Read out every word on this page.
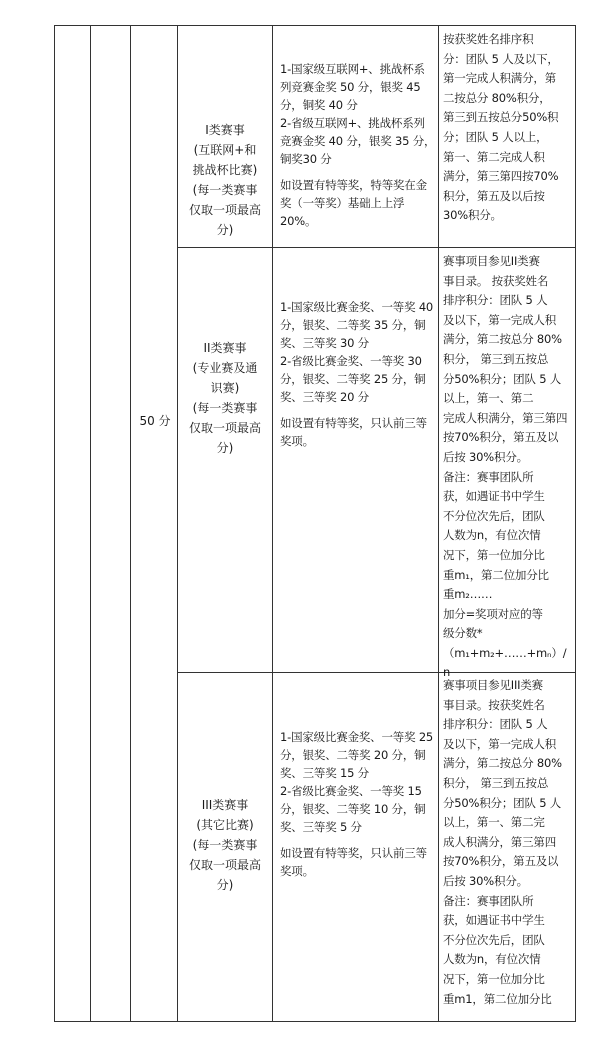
50 分
I类赛事
(互联网+和
挑战杯比赛)
(每一类赛事
仅取一项最高
分)
1-国家级互联网+、挑战杯系列竞赛金奖 50 分，银奖 45 分，铜奖 40 分
2-省级互联网+、挑战杯系列竞赛金奖 40 分，银奖 35 分，铜奖30 分
如设置有特等奖，特等奖在金奖（一等奖）基础上上浮 20%。
按获奖姓名排序积
分：团队 5 人及以下，
第一完成人积满分，第
二按总分 80%积分，
第三到五按总分50%积
分；团队 5 人以上，
第一、第二完成人积
满分，第三第四按70%
积分，第五及以后按
30%积分。
II类赛事
(专业赛及通
识赛)
(每一类赛事
仅取一项最高
分)
1-国家级比赛金奖、一等奖 40分，银奖、二等奖 35 分，铜奖、三等奖 30 分
2-省级比赛金奖、一等奖 30 分，银奖、二等奖 25 分，铜奖、三等奖 20 分
如设置有特等奖，只认前三等奖项。
赛事项目参见II类赛
事目录。 按获奖姓名
排序积分：团队 5 人
及以下，第一完成人积
满分，第二按总分 80%
积分， 第三到五按总
分50%积分；团队 5 人
以上，第一、第二
完成人积满分，第三第四
按70%积分，第五及以
后按 30%积分。
备注：赛事团队所
获，如遇证书中学生
不分位次先后，团队
人数为n，有位次情
况下，第一位加分比
重m₁，第二位加分比
重m₂……
加分=奖项对应的等
级分数*
（m₁+m₂+……+mₙ）/n
III类赛事
(其它比赛)
(每一类赛事
仅取一项最高
分)
1-国家级比赛金奖、一等奖 25分，银奖、二等奖 20 分，铜奖、三等奖 15 分
2-省级比赛金奖、一等奖 15 分，银奖、二等奖 10 分，铜奖、三等奖 5 分
如设置有特等奖，只认前三等奖项。
赛事项目参见III类赛
事目录。按获奖姓名
排序积分：团队 5 人
及以下，第一完成人积
满分，第二按总分 80%
积分， 第三到五按总
分50%积分；团队 5 人
以上，第一、第二完
成人积满分，第三第四
按70%积分，第五及以
后按 30%积分。
备注：赛事团队所
获，如遇证书中学生
不分位次先后，团队
人数为n，有位次情
况下，第一位加分比
重m1，第二位加分比
